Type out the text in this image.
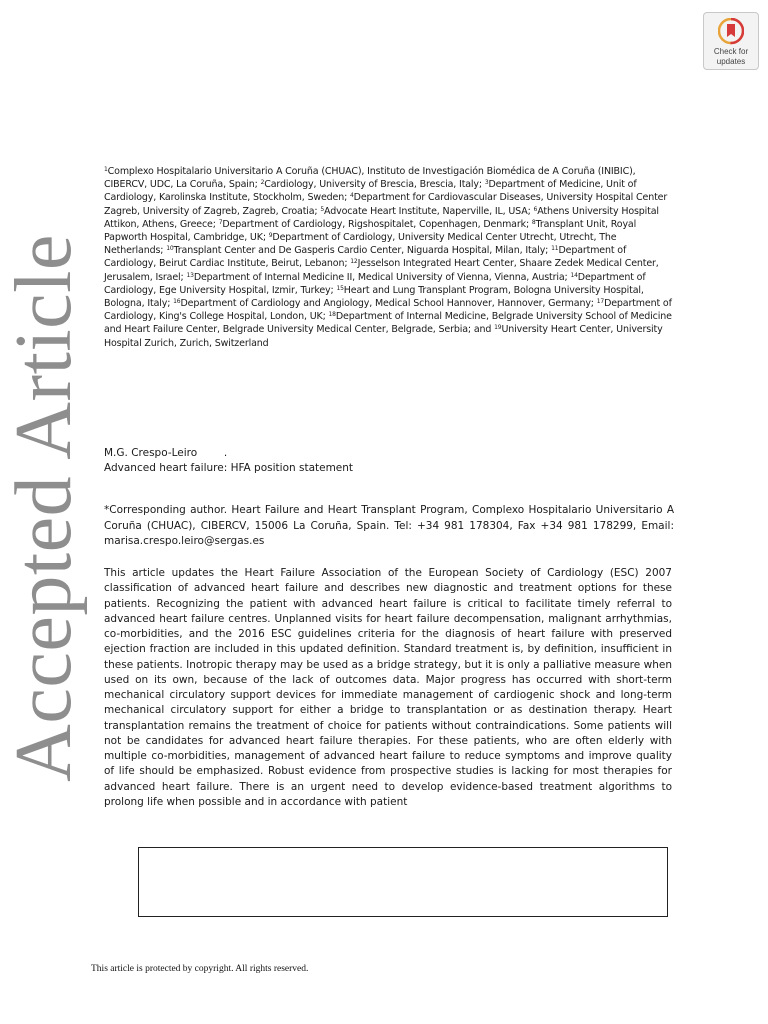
Check for
updates
Accepted Article
$^1$Complexo Hospitalario Universitario A Coruña (CHUAC), Instituto de Investigación Biomédica de A Coruña (INIBIC), CIBERCV, UDC, La Coruña, Spain; $^2$Cardiology, University of Brescia, Brescia, Italy; $^3$Department of Medicine, Unit of Cardiology, Karolinska Institute, Stockholm, Sweden; $^4$Department for Cardiovascular Diseases, University Hospital Center Zagreb, University of Zagreb, Zagreb, Croatia; $^5$Advocate Heart Institute, Naperville, IL, USA; $^6$Athens University Hospital Attikon, Athens, Greece; $^7$Department of Cardiology, Rigshospitalet, Copenhagen, Denmark; $^8$Transplant Unit, Royal Papworth Hospital, Cambridge, UK; $^9$Department of Cardiology, University Medical Center Utrecht, Utrecht, The Netherlands; $^{10}$Transplant Center and De Gasperis Cardio Center, Niguarda Hospital, Milan, Italy; $^{11}$Department of Cardiology, Beirut Cardiac Institute, Beirut, Lebanon; $^{12}$Jesselson Integrated Heart Center, Shaare Zedek Medical Center, Jerusalem, Israel; $^{13}$Department of Internal Medicine II, Medical University of Vienna, Vienna, Austria; $^{14}$Department of Cardiology, Ege University Hospital, Izmir, Turkey; $^{15}$Heart and Lung Transplant Program, Bologna University Hospital, Bologna, Italy; $^{16}$Department of Cardiology and Angiology, Medical School Hannover, Hannover, Germany; $^{17}$Department of Cardiology, King's College Hospital, London, UK; $^{18}$Department of Internal Medicine, Belgrade University School of Medicine and Heart Failure Center, Belgrade University Medical Center, Belgrade, Serbia; and $^{19}$University Heart Center, University Hospital Zurich, Zurich, Switzerland
M.G. Crespo-Leiro        .
Advanced heart failure: HFA position statement
*Corresponding author. Heart Failure and Heart Transplant Program, Complexo Hospitalario Universitario A Coruña (CHUAC), CIBERCV, 15006 La Coruña, Spain. Tel: +34 981 178304, Fax +34 981 178299, Email: marisa.crespo.leiro@sergas.es
This article updates the Heart Failure Association of the European Society of Cardiology (ESC) 2007 classification of advanced heart failure and describes new diagnostic and treatment options for these patients. Recognizing the patient with advanced heart failure is critical to facilitate timely referral to advanced heart failure centres. Unplanned visits for heart failure decompensation, malignant arrhythmias, co-morbidities, and the 2016 ESC guidelines criteria for the diagnosis of heart failure with preserved ejection fraction are included in this updated definition. Standard treatment is, by definition, insufficient in these patients. Inotropic therapy may be used as a bridge strategy, but it is only a palliative measure when used on its own, because of the lack of outcomes data. Major progress has occurred with short-term mechanical circulatory support devices for immediate management of cardiogenic shock and long-term mechanical circulatory support for either a bridge to transplantation or as destination therapy. Heart transplantation remains the treatment of choice for patients without contraindications. Some patients will not be candidates for advanced heart failure therapies. For these patients, who are often elderly with multiple co-morbidities, management of advanced heart failure to reduce symptoms and improve quality of life should be emphasized. Robust evidence from prospective studies is lacking for most therapies for advanced heart failure. There is an urgent need to develop evidence-based treatment algorithms to prolong life when possible and in accordance with patient
This article is protected by copyright. All rights reserved.
